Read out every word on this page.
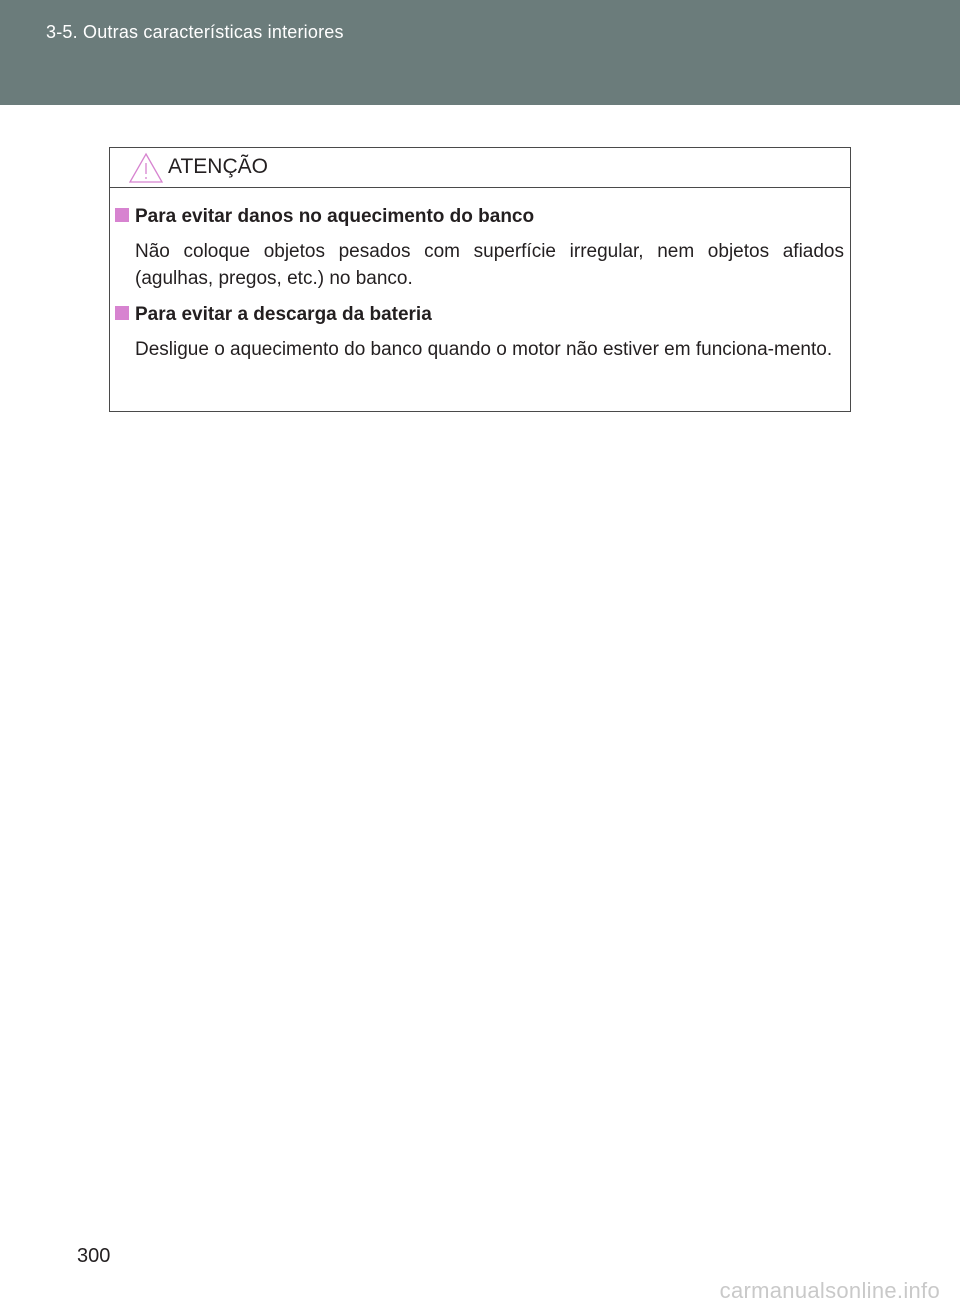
3-5. Outras características interiores
ATENÇÃO
Para evitar danos no aquecimento do banco
Não coloque objetos pesados com superfície irregular, nem objetos afiados (agulhas, pregos, etc.) no banco.
Para evitar a descarga da bateria
Desligue o aquecimento do banco quando o motor não estiver em funciona-mento.
300
carmanualsonline.info
